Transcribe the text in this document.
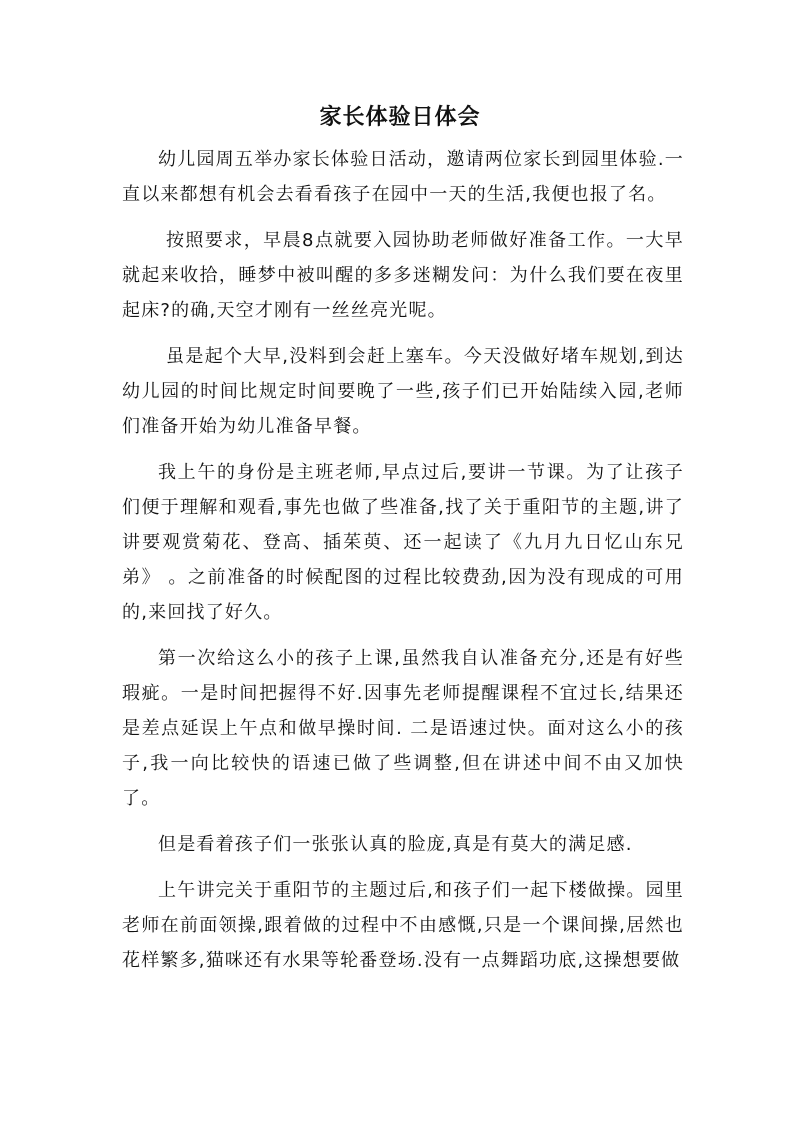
家长体验日体会

幼儿园周五举办家长体验日活动，邀请两位家长到园里体验.一直以来都想有机会去看看孩子在园中一天的生活,我便也报了名。

按照要求，早晨8点就要入园协助老师做好准备工作。一大早就起来收拾，睡梦中被叫醒的多多迷糊发问：为什么我们要在夜里起床?的确,天空才刚有一丝丝亮光呢。

虽是起个大早,没料到会赶上塞车。今天没做好堵车规划,到达幼儿园的时间比规定时间要晚了一些,孩子们已开始陆续入园,老师们准备开始为幼儿准备早餐。

我上午的身份是主班老师,早点过后,要讲一节课。为了让孩子们便于理解和观看,事先也做了些准备,找了关于重阳节的主题,讲了讲要观赏菊花、登高、插茱萸、还一起读了《九月九日忆山东兄弟》 。之前准备的时候配图的过程比较费劲,因为没有现成的可用的,来回找了好久。

第一次给这么小的孩子上课,虽然我自认准备充分,还是有好些瑕疵。一是时间把握得不好.因事先老师提醒课程不宜过长,结果还是差点延误上午点和做早操时间. 二是语速过快。面对这么小的孩子,我一向比较快的语速已做了些调整,但在讲述中间不由又加快了。

但是看着孩子们一张张认真的脸庞,真是有莫大的满足感.

上午讲完关于重阳节的主题过后,和孩子们一起下楼做操。园里老师在前面领操,跟着做的过程中不由感慨,只是一个课间操,居然也花样繁多,猫咪还有水果等轮番登场.没有一点舞蹈功底,这操想要做
